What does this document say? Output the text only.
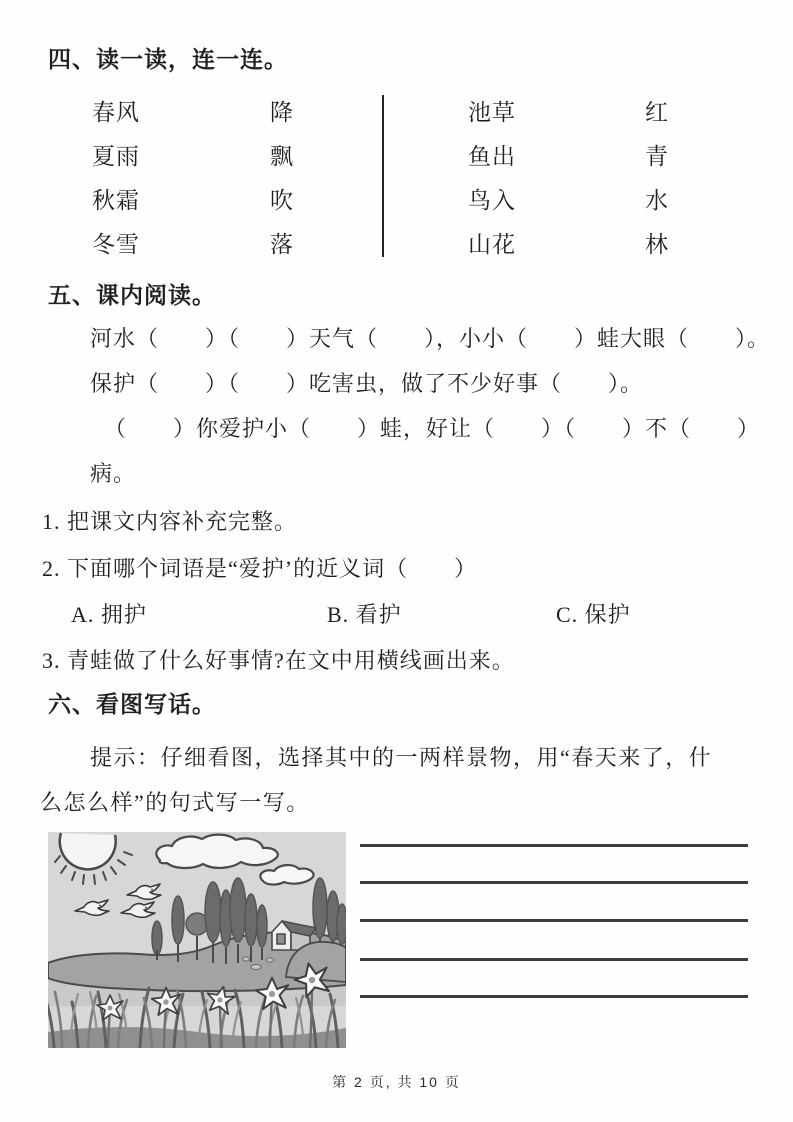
四、读一读，连一连。
春风	降
夏雨	飘
秋霜	吹
冬雪	落
池草	红
鱼出	青
鸟入	水
山花	林
五、课内阅读。
河水（　　）（　　）天气（　　），小小（　　）蛙大眼（　　）。
保护（　　）（　　）吃害虫，做了不少好事（　　）。
（　　）你爱护小（　　）蛙，好让（　　）（　　）不（　　）
病。
1. 把课文内容补充完整。
2. 下面哪个词语是“爱护’的近义词（　　）
A. 拥护	B. 看护	C. 保护
3. 青蛙做了什么好事情?在文中用横线画出来。
六、看图写话。
提示：仔细看图，选择其中的一两样景物，用“春天来了，什
么怎么样”的句式写一写。
第 2 页, 共 10 页
